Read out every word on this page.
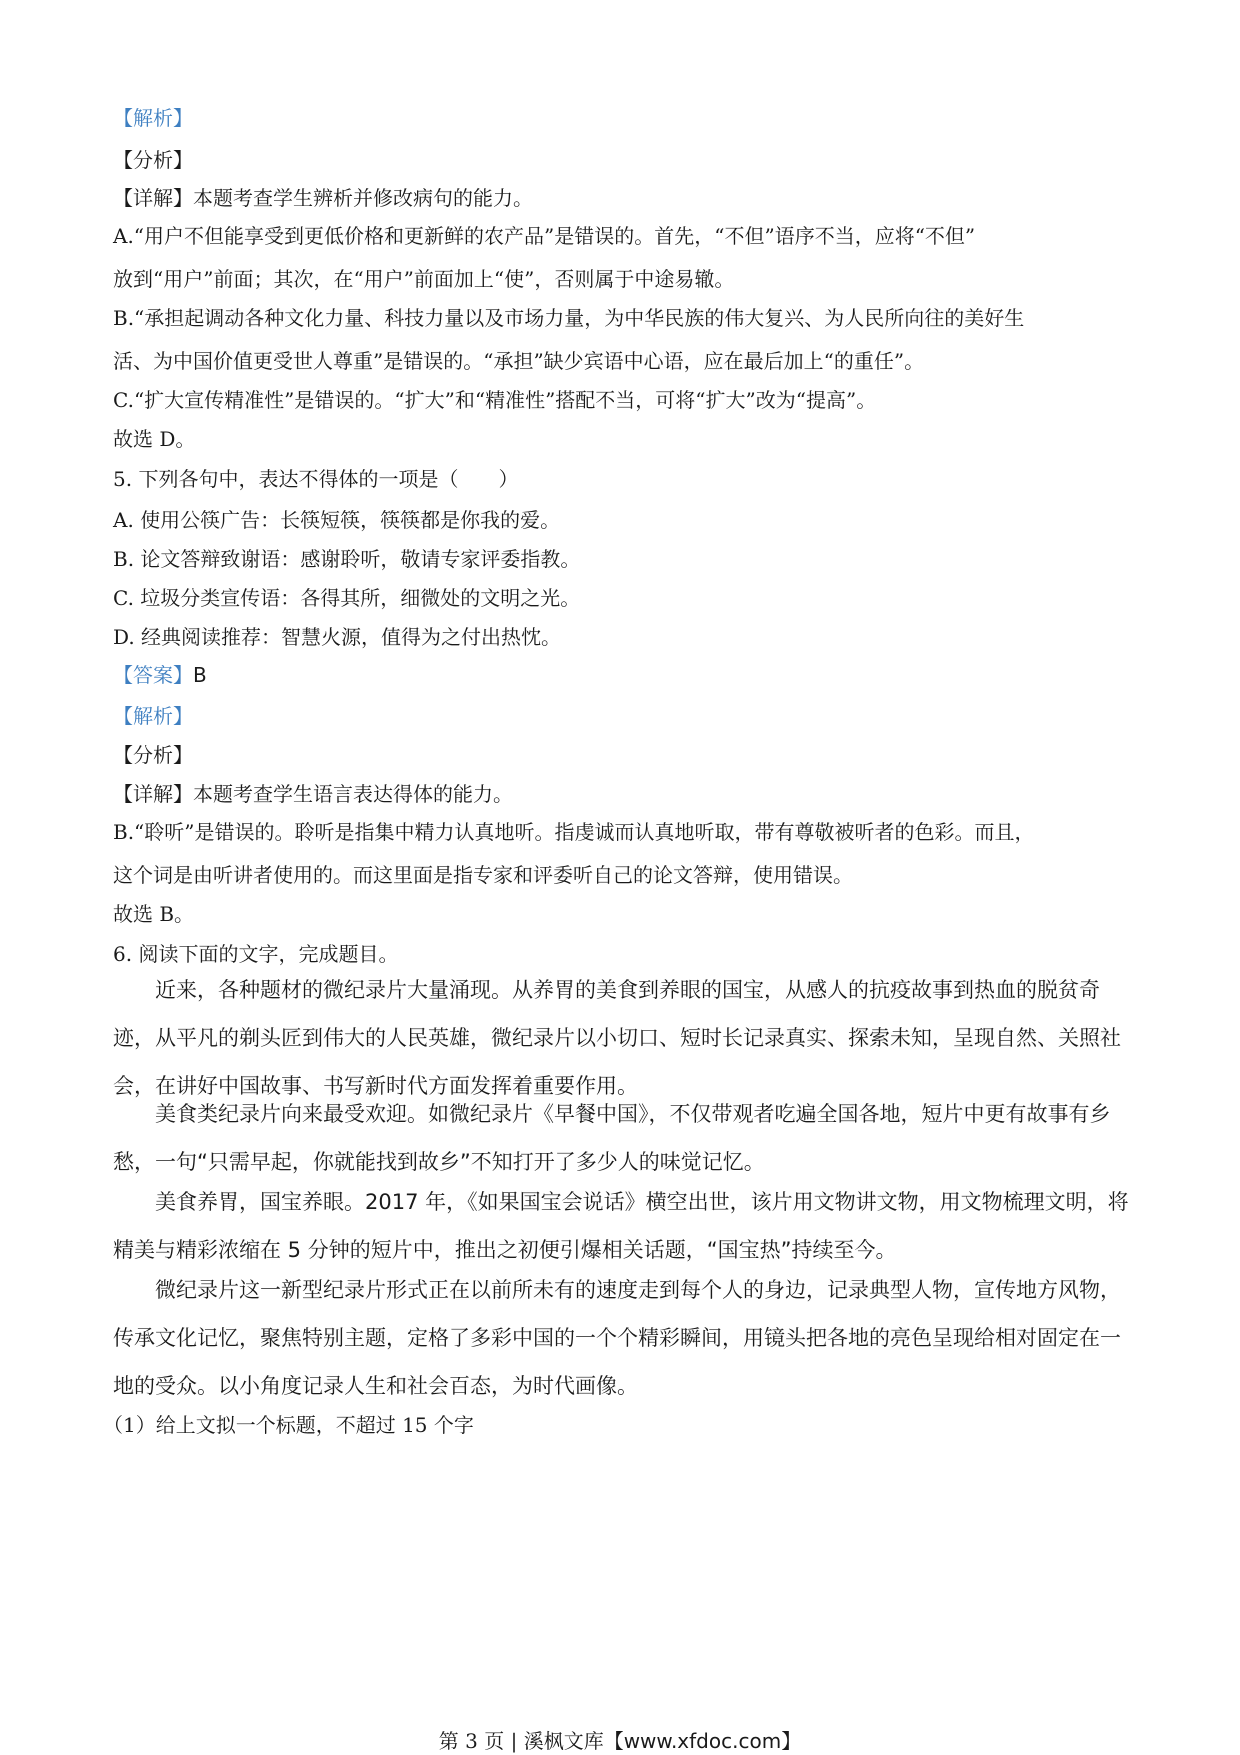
【解析】
【分析】
【详解】本题考查学生辨析并修改病句的能力。
A.“用户不但能享受到更低价格和更新鲜的农产品”是错误的。首先，“不但”语序不当，应将“不但”
放到“用户”前面；其次，在“用户”前面加上“使”，否则属于中途易辙。
B.“承担起调动各种文化力量、科技力量以及市场力量，为中华民族的伟大复兴、为人民所向往的美好生
活、为中国价值更受世人尊重”是错误的。“承担”缺少宾语中心语，应在最后加上“的重任”。
C.“扩大宣传精准性”是错误的。“扩大”和“精准性”搭配不当，可将“扩大”改为“提高”。
故选 D。
5. 下列各句中，表达不得体的一项是（　　）
A. 使用公筷广告：长筷短筷，筷筷都是你我的爱。
B. 论文答辩致谢语：感谢聆听，敬请专家评委指教。
C. 垃圾分类宣传语：各得其所，细微处的文明之光。
D. 经典阅读推荐：智慧火源，值得为之付出热忱。
【答案】B
【解析】
【分析】
【详解】本题考查学生语言表达得体的能力。
B.“聆听”是错误的。聆听是指集中精力认真地听。指虔诚而认真地听取，带有尊敬被听者的色彩。而且，
这个词是由听讲者使用的。而这里面是指专家和评委听自己的论文答辩，使用错误。
故选 B。
6. 阅读下面的文字，完成题目。
近来，各种题材的微纪录片大量涌现。从养胃的美食到养眼的国宝，从感人的抗疫故事到热血的脱贫奇迹，从平凡的剃头匠到伟大的人民英雄，微纪录片以小切口、短时长记录真实、探索未知，呈现自然、关照社会，在讲好中国故事、书写新时代方面发挥着重要作用。
美食类纪录片向来最受欢迎。如微纪录片《早餐中国》，不仅带观者吃遍全国各地，短片中更有故事有乡愁，一句“只需早起，你就能找到故乡”不知打开了多少人的味觉记忆。
美食养胃，国宝养眼。2017 年，《如果国宝会说话》横空出世，该片用文物讲文物，用文物梳理文明，将精美与精彩浓缩在 5 分钟的短片中，推出之初便引爆相关话题，“国宝热”持续至今。
微纪录片这一新型纪录片形式正在以前所未有的速度走到每个人的身边，记录典型人物，宣传地方风物，传承文化记忆，聚焦特别主题，定格了多彩中国的一个个精彩瞬间，用镜头把各地的亮色呈现给相对固定在一地的受众。以小角度记录人生和社会百态，为时代画像。
（1）给上文拟一个标题，不超过 15 个字
第 3 页 | 溪枫文库【www.xfdoc.com】
